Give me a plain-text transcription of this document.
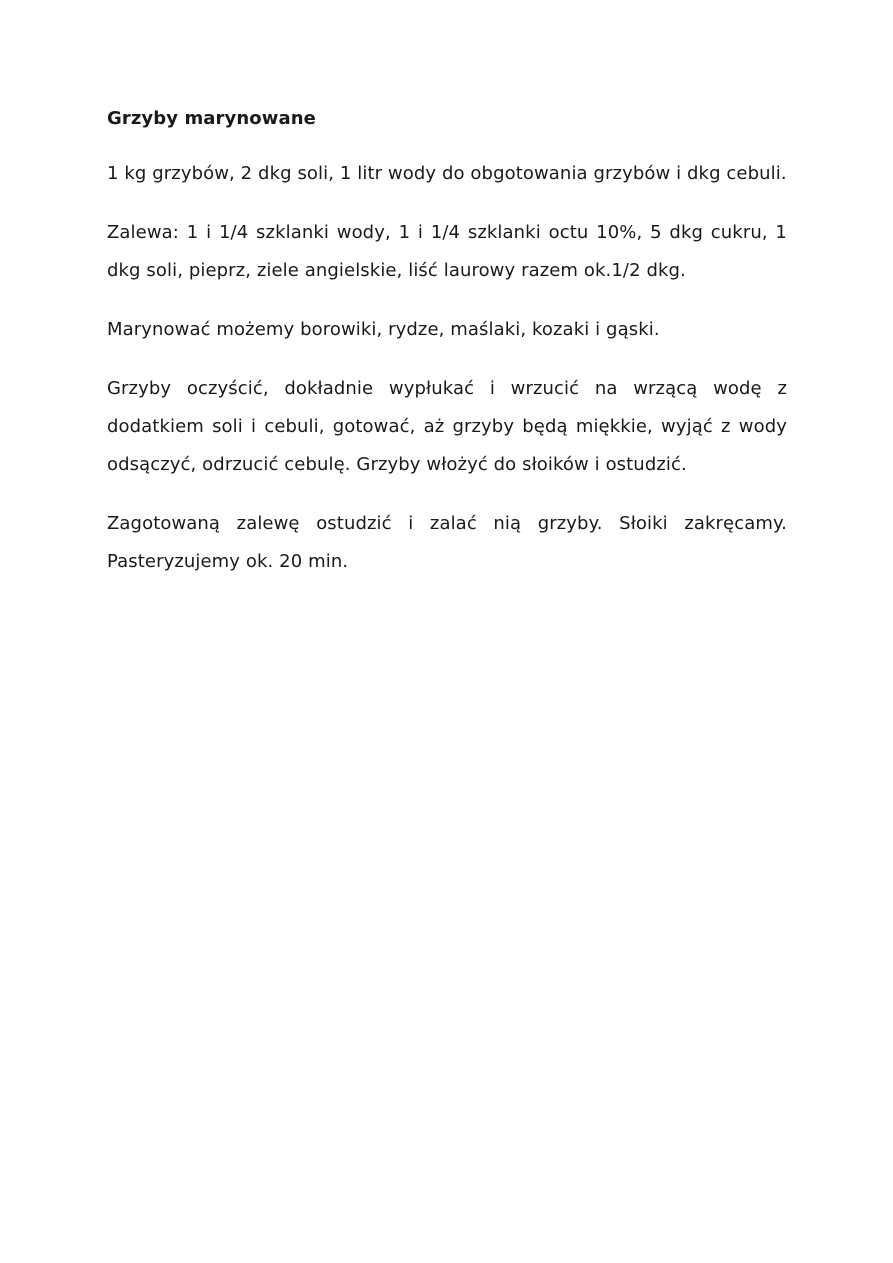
Grzyby marynowane

1 kg grzybów, 2 dkg soli, 1 litr wody do obgotowania grzybów i dkg cebuli.

Zalewa: 1 i 1/4 szklanki wody, 1 i 1/4 szklanki octu 10%, 5 dkg cukru, 1 dkg soli, pieprz, ziele angielskie, liść laurowy razem ok.1/2 dkg.

Marynować możemy borowiki, rydze, maślaki, kozaki i gąski.

Grzyby oczyścić, dokładnie wypłukać i wrzucić na wrzącą wodę z dodatkiem soli i cebuli, gotować, aż grzyby będą miękkie, wyjąć z wody odsączyć, odrzucić cebulę. Grzyby włożyć do słoików i ostudzić.

Zagotowaną zalewę ostudzić i zalać nią grzyby. Słoiki zakręcamy. Pasteryzujemy ok. 20 min.
